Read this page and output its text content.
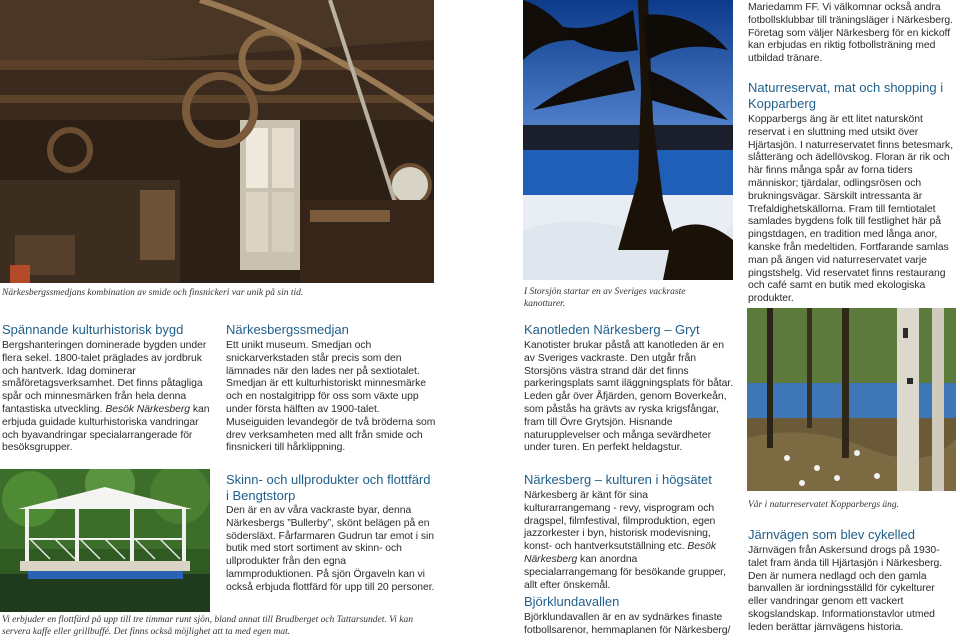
Närkesbergssmedjans kombination av smide och finsnickeri var unik på sin tid.	I Storsjön startar en av Sveriges vackraste kanotturer.
Vår i naturreservatet Kopparbergs äng.
Vi erbjuder en flottfärd på upp till tre timmar runt sjön, bland annat till Brudberget och Tattarsundet. Vi kan servera kaffe eller grillbuffé. Det finns också möjlighet att ta med egen mat.
Spännande kulturhistorisk bygd

Bergshanteringen dominerade bygden under flera sekel. 1800-talet präglades av jordbruk och hantverk. Idag dominerar småföretagsverksamhet. Det finns påtagliga spår och minnesmärken från hela denna fantastiska utveckling. Besök Närkesberg kan erbjuda guidade kulturhistoriska vandringar och byavandringar specialarrangerade för besöksgrupper.

Närkesbergssmedjan

Ett unikt museum. Smedjan och snickarverkstaden står precis som den lämnades när den lades ner på sextiotalet. Smedjan är ett kulturhistoriskt minnesmärke och en nostalgitripp för oss som växte upp under första hälften av 1900-talet. Museiguiden levandegör de två bröderna som drev verksamheten med allt från smide och finsnickeri till hårklippning.

Skinn- och ullprodukter och flottfärd i Bengtstorp

Den är en av våra vackraste byar, denna Närkesbergs ”Bullerby”, skönt belägen på en södersläxt. Fårfarmaren Gudrun tar emot i sin butik med stort sortiment av skinn- och ullprodukter från den egna lammproduktionen. På sjön Örgaveln kan vi också erbjuda flottfärd för upp till 20 personer.

Kanotleden Närkesberg – Gryt

Kanotister brukar påstå att kanotleden är en av Sveriges vackraste. Den utgår från Storsjöns västra strand där det finns parkeringsplats samt iläggningsplats för båtar. Leden går över Åfjärden, genom Boverkeån, som påstås ha grävts av ryska krigsfångar, fram till Övre Grytsjön. Hisnande naturupplevelser och många sevärdheter under turen. En perfekt heldagstur.

Närkesberg – kulturen i högsätet

Närkesberg är känt för sina kulturarrangemang - revy, visprogram och dragspel, filmfestival, filmproduktion, egen jazzorkester i byn, historisk modevisning, konst- och hantverksutställning etc. Besök Närkesberg kan anordna specialarrangemang för besökande grupper, allt efter önskemål.

Björklundavallen

Björklundavallen är en av sydnärkes finaste fotbollsarenor, hemmaplanen för Närkesberg/

Mariedamm FF. Vi välkomnar också andra fotbollsklubbar till träningsläger i Närkesberg. Företag som väljer Närkesberg för en kickoff kan erbjudas en riktig fotbollsträning med utbildad tränare.

Naturreservat, mat och shopping i Kopparberg

Kopparbergs äng är ett litet naturskönt reservat i en sluttning med utsikt över Hjärtasjön. I naturreservatet finns betesmark, slåtteräng och ädellövskog. Floran är rik och här finns många spår av forna tiders människor; tjärdalar, odlingsrösen och brukningsvägar. Särskilt intressanta är Trefaldighetskällorna. Fram till femtiotalet samlades bygdens folk till festlighet här på pingstdagen, en tradition med långa anor, kanske från medeltiden. Fortfarande samlas man på ängen vid naturreservatet varje pingstshelg. Vid reservatet finns restaurang och café samt en butik med ekologiska produkter.

Järnvägen som blev cykelled

Järnvägen från Askersund drogs på 1930-talet fram ända till Hjärtasjön i Närkesberg. Den är numera nedlagd och den gamla banvallen är iordningsställd för cykelturer eller vandringar genom ett vackert skogslandskap. Informationstavlor utmed leden berättar järnvägens historia.
